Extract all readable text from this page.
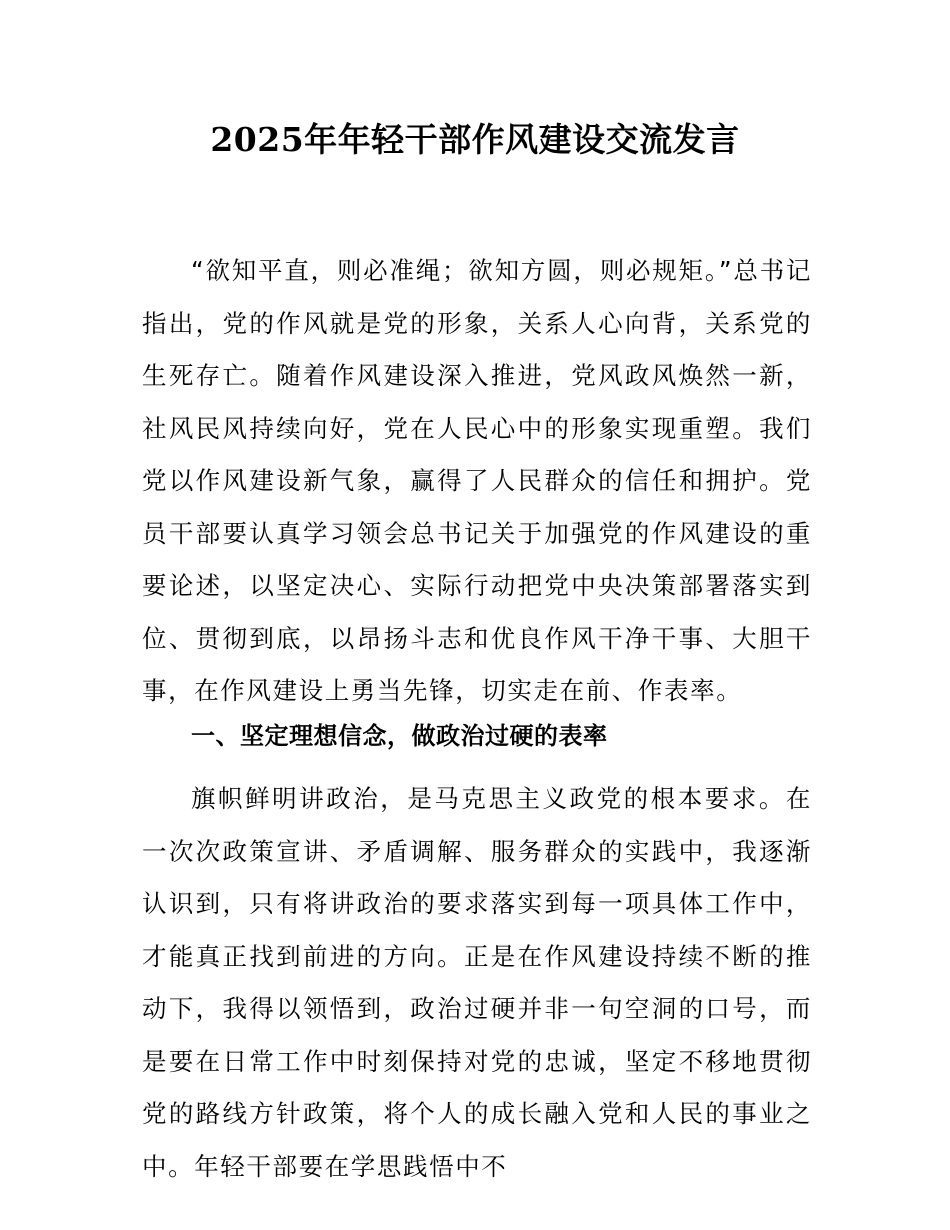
2025年年轻干部作风建设交流发言

“欲知平直，则必准绳；欲知方圆，则必规矩。”总书记指出，党的作风就是党的形象，关系人心向背，关系党的生死存亡。随着作风建设深入推进，党风政风焕然一新，社风民风持续向好，党在人民心中的形象实现重塑。我们党以作风建设新气象，赢得了人民群众的信任和拥护。党员干部要认真学习领会总书记关于加强党的作风建设的重要论述，以坚定决心、实际行动把党中央决策部署落实到位、贯彻到底，以昂扬斗志和优良作风干净干事、大胆干事，在作风建设上勇当先锋，切实走在前、作表率。

一、坚定理想信念，做政治过硬的表率

旗帜鲜明讲政治，是马克思主义政党的根本要求。在一次次政策宣讲、矛盾调解、服务群众的实践中，我逐渐认识到，只有将讲政治的要求落实到每一项具体工作中，才能真正找到前进的方向。正是在作风建设持续不断的推动下，我得以领悟到，政治过硬并非一句空洞的口号，而是要在日常工作中时刻保持对党的忠诚，坚定不移地贯彻党的路线方针政策，将个人的成长融入党和人民的事业之中。年轻干部要在学思践悟中不
